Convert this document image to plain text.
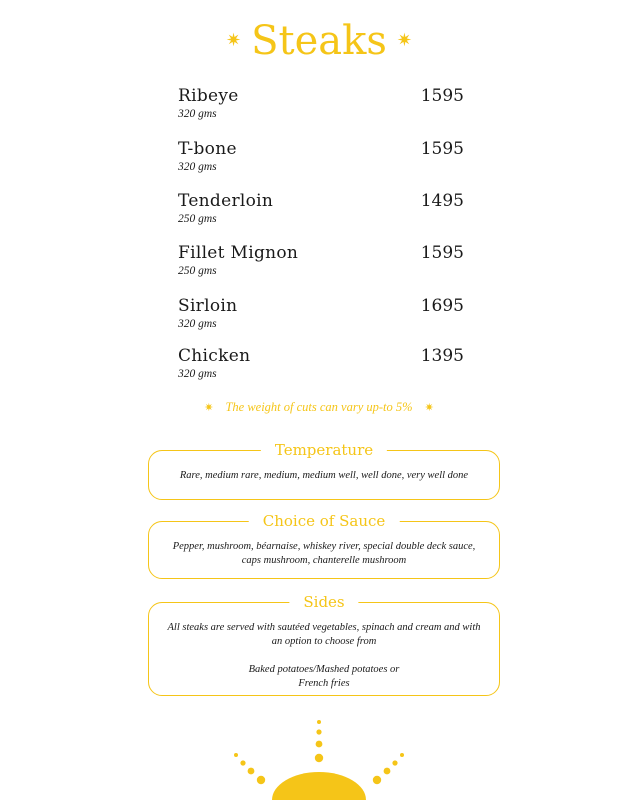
✷ Steaks ✷
Ribeye	1595
320 gms
T-bone	1595
320 gms
Tenderloin	1495
250 gms
Fillet Mignon	1595
250 gms
Sirloin	1695
320 gms
Chicken	1395
320 gms
✷ The weight of cuts can vary up-to 5% ✷
Temperature

Rare, medium rare, medium, medium well, well done, very well done

Choice of Sauce

Pepper, mushroom, béarnaise, whiskey river, special double deck sauce,

caps mushroom, chanterelle mushroom

Sides

All steaks are served with sautéed vegetables, spinach and cream and with

an option to choose from

Baked potatoes/Mashed potatoes or

French fries
